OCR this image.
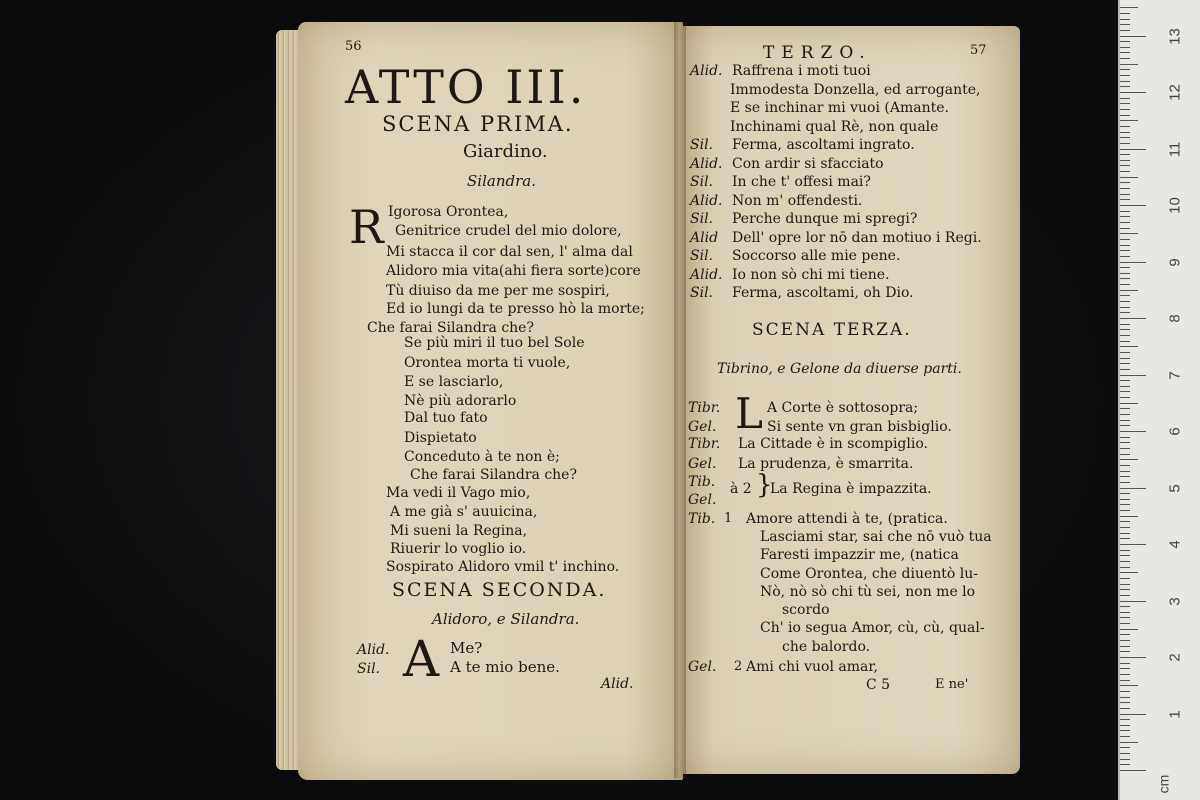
cm
1
2
3
4
5
6
7
8
9
10
11
12
13
56
ATTO III.
SCENA PRIMA.
Giardino.
Silandra.
R Igorosa Orontea,
Genitrice crudel del mio dolore,
Mi stacca il cor dal sen, l' alma dal
Alidoro mia vita(ahi fiera sorte)core
Tù diuiso da me per me sospiri,
Ed io lungi da te presso hò la morte;
Che farai Silandra che?
Se più miri il tuo bel Sole
Orontea morta ti vuole,
E se lasciarlo,
Nè più adorarlo
Dal tuo fato
Dispietato
Conceduto à te non è;
Che farai Silandra che?
Ma vedi il Vago mio,
A me già s' auuicina,
Mi sueni la Regina,
Riuerir lo voglio io.
Sospirato Alidoro vmil t' inchino.
SCENA SECONDA.
Alidoro, e Silandra.
A
Alid.	Me?
Sil.	A te mio bene.
Alid.
TERZO.	57
Alid. Raffrena i moti tuoi
Immodesta Donzella, ed arrogante,
E se inchinar mi vuoi (Amante.
Inchinami qual Rè, non quale
Sil. Ferma, ascoltami ingrato.
Alid. Con ardir si sfacciato
Sil. In che t' offesi mai?
Alid. Non m' offendesti.
Sil. Perche dunque mi spregi?
Alid Dell' opre lor nō dan motiuo i Regi.
Sil. Soccorso alle mie pene.
Alid. Io non sò chi mi tiene.
Sil. Ferma, ascoltami, oh Dio.
SCENA TERZA.
Tibrino, e Gelone da diuerse parti.
L
Tibr.	A Corte è sottosopra;
Gel.	Si sente vn gran bisbiglio.
Tibr. La Cittade è in scompiglio.
Gel. La prudenza, è smarrita.
Tib.
Gel.
Tib. Amore attendi à te, (pratica.
Lasciami star, sai che nō vuò tua
Faresti impazzir me, (natica
Come Orontea, che diuentò lu-
Nò, nò sò chi tù sei, non me lo
scordo
Ch' io segua Amor, cù, cù, qual-
che balordo.
Gel. Ami chi vuol amar,
à 2 }
La Regina è impazzita.
1
2
C 5	E ne'
